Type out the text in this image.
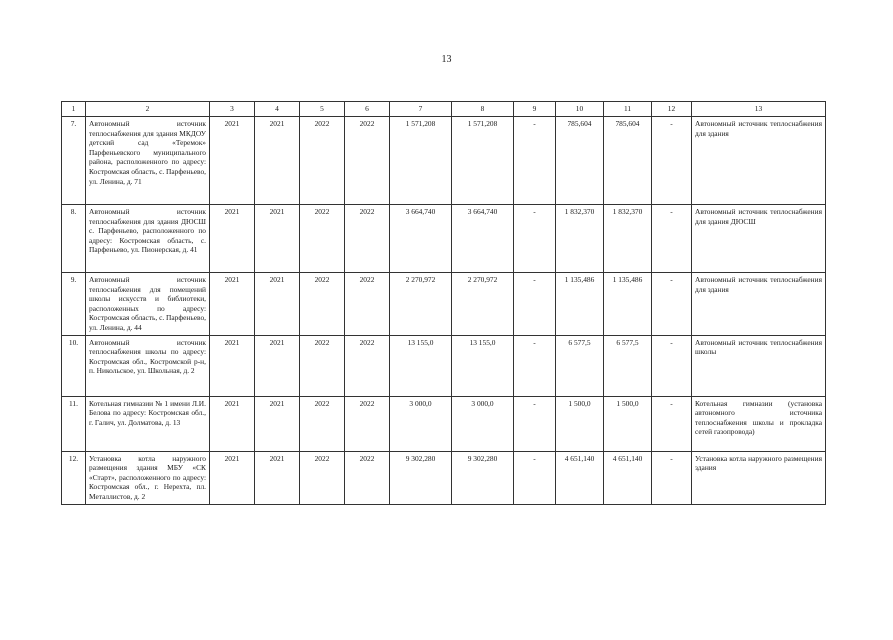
13
1	2	3	4	5	6	7	8	9	10	11	12	13
7.	Автономный источник теплоснабжения для здания МКДОУ детский сад «Теремок» Парфеньевского муниципального района, расположенного по адресу: Костромская область, с. Парфеньево, ул. Ленина, д. 71	2021	2021	2022	2022	1 571,208	1 571,208	-	785,604	785,604	-	Автономный источник теплоснабжения для здания
8.	Автономный источник теплоснабжения для здания ДЮСШ с. Парфеньево, расположенного по адресу: Костромская область, с. Парфеньево, ул. Пионерская, д. 41	2021	2021	2022	2022	3 664,740	3 664,740	-	1 832,370	1 832,370	-	Автономный источник теплоснабжения для здания ДЮСШ
9.	Автономный источник теплоснабжения для помещений школы искусств и библиотеки, расположенных по адресу: Костромская область, с. Парфеньево, ул. Ленина, д. 44	2021	2021	2022	2022	2 270,972	2 270,972	-	1 135,486	1 135,486	-	Автономный источник теплоснабжения для здания
10.	Автономный источник теплоснабжения школы по адресу: Костромская обл., Костромской р-н, п. Никольское, ул. Школьная, д. 2	2021	2021	2022	2022	13 155,0	13 155,0	-	6 577,5	6 577,5	-	Автономный источник теплоснабжения школы
11.	Котельная гимназии № 1 имени Л.И. Белова по адресу: Костромская обл., г. Галич, ул. Долматова, д. 13	2021	2021	2022	2022	3 000,0	3 000,0	-	1 500,0	1 500,0	-	Котельная гимназии (установка автономного источника теплоснабжения школы и прокладка сетей газопровода)
12.	Установка котла наружного размещения здания МБУ «СК «Старт», расположенного по адресу: Костромская обл., г. Нерехта, пл. Металлистов, д. 2	2021	2021	2022	2022	9 302,280	9 302,280	-	4 651,140	4 651,140	-	Установка котла наружного размещения здания
